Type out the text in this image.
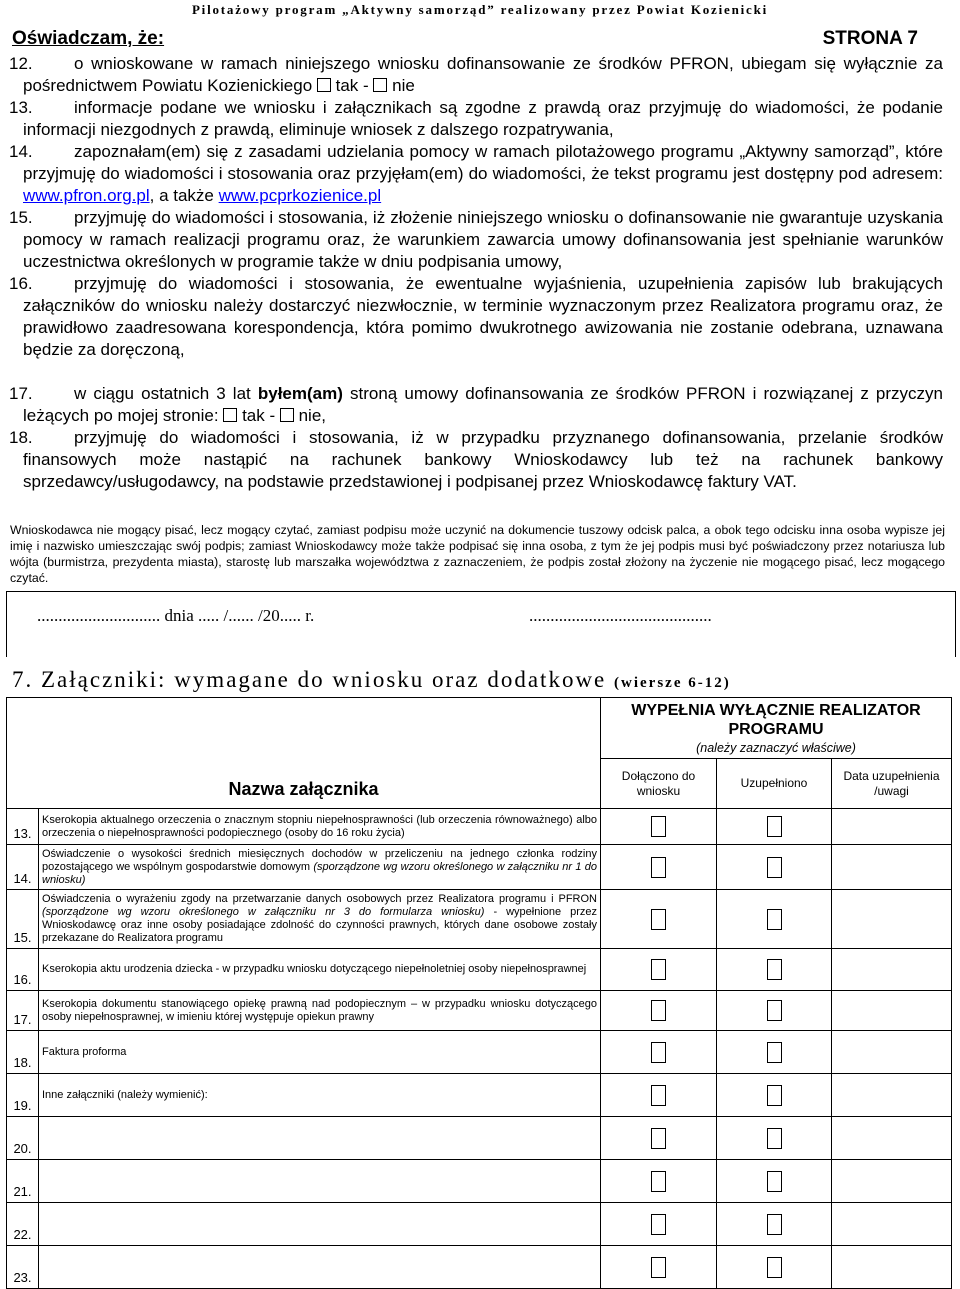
Pilotażowy program „Aktywny samorząd” realizowany przez Powiat Kozienicki
Oświadczam, że:	STRONA 7
12.	o wnioskowane w ramach niniejszego wniosku dofinansowanie ze środków PFRON, ubiegam się wyłącznie za pośrednictwem Powiatu Kozienickiego tak - nie
13.	informacje podane we wniosku i załącznikach są zgodne z prawdą oraz przyjmuję do wiadomości, że podanie informacji niezgodnych z prawdą, eliminuje wniosek z dalszego rozpatrywania,
14.	zapoznałam(em) się z zasadami udzielania pomocy w ramach pilotażowego programu „Aktywny samorząd”, które przyjmuję do wiadomości i stosowania oraz przyjęłam(em) do wiadomości, że tekst programu jest dostępny pod adresem: www.pfron.org.pl, a także www.pcprkozienice.pl
15.	przyjmuję do wiadomości i stosowania, iż złożenie niniejszego wniosku o dofinansowanie nie gwarantuje uzyskania pomocy w ramach realizacji programu oraz, że warunkiem zawarcia umowy dofinansowania jest spełnianie warunków uczestnictwa określonych w programie także w dniu podpisania umowy,
16.	przyjmuję do wiadomości i stosowania, że ewentualne wyjaśnienia, uzupełnienia zapisów lub brakujących załączników do wniosku należy dostarczyć niezwłocznie, w terminie wyznaczonym przez Realizatora programu oraz, że prawidłowo zaadresowana korespondencja, która pomimo dwukrotnego awizowania nie zostanie odebrana, uznawana będzie za doręczoną,
17.	w ciągu ostatnich 3 lat byłem(am) stroną umowy dofinansowania ze środków PFRON i rozwiązanej z przyczyn leżących po mojej stronie: tak - nie,
18.	przyjmuję do wiadomości i stosowania, iż w przypadku przyznanego dofinansowania, przelanie środków finansowych może nastąpić na rachunek bankowy Wnioskodawcy lub też na rachunek bankowy sprzedawcy/usługodawcy, na podstawie przedstawionej i podpisanej przez Wnioskodawcę faktury VAT.
Wnioskodawca nie mogący pisać, lecz mogący czytać, zamiast podpisu może uczynić na dokumencie tuszowy odcisk palca, a obok tego odcisku inna osoba wypisze jej imię i nazwisko umieszczając swój podpis; zamiast Wnioskodawcy może także podpisać się inna osoba, z tym że jej podpis musi być poświadczony przez notariusza lub wójta (burmistrza, prezydenta miasta), starostę lub marszałka województwa z zaznaczeniem, że podpis został złożony na życzenie nie mogącego pisać, lecz mogącego czytać.
............................. dnia ..... /...... /20..... r.	...........................................
7. Załączniki: wymagane do wniosku oraz dodatkowe (wiersze 6-12)
Nazwa załącznika		WYPEŁNIA WYŁĄCZNIE REALIZATOR PROGRAMU
(należy zaznaczyć właściwe)		

		Dołączono do wniosku	Uzupełniono	Data uzupełnienia /uwagi
13.	Kserokopia aktualnego orzeczenia o znacznym stopniu niepełnosprawności (lub orzeczenia równoważnego) albo orzeczenia o niepełnosprawności podopiecznego (osoby do 16 roku życia)			
14.	Oświadczenie o wysokości średnich miesięcznych dochodów w przeliczeniu na jednego członka rodziny pozostającego we wspólnym gospodarstwie domowym (sporządzone wg wzoru określonego w załączniku nr 1 do wniosku)			
15.	Oświadczenia o wyrażeniu zgody na przetwarzanie danych osobowych przez Realizatora programu i PFRON (sporządzone wg wzoru określonego w załączniku nr 3 do formularza wniosku) - wypełnione przez Wnioskodawcę oraz inne osoby posiadające zdolność do czynności prawnych, których dane osobowe zostały przekazane do Realizatora programu			
16.	Kserokopia aktu urodzenia dziecka - w przypadku wniosku dotyczącego niepełnoletniej osoby niepełnosprawnej			
17.	Kserokopia dokumentu stanowiącego opiekę prawną nad podopiecznym – w przypadku wniosku dotyczącego osoby niepełnosprawnej, w imieniu której występuje opiekun prawny			
18.	Faktura proforma			
19.	Inne załączniki (należy wymienić):			
20.				
21.				
22.				
23.				
